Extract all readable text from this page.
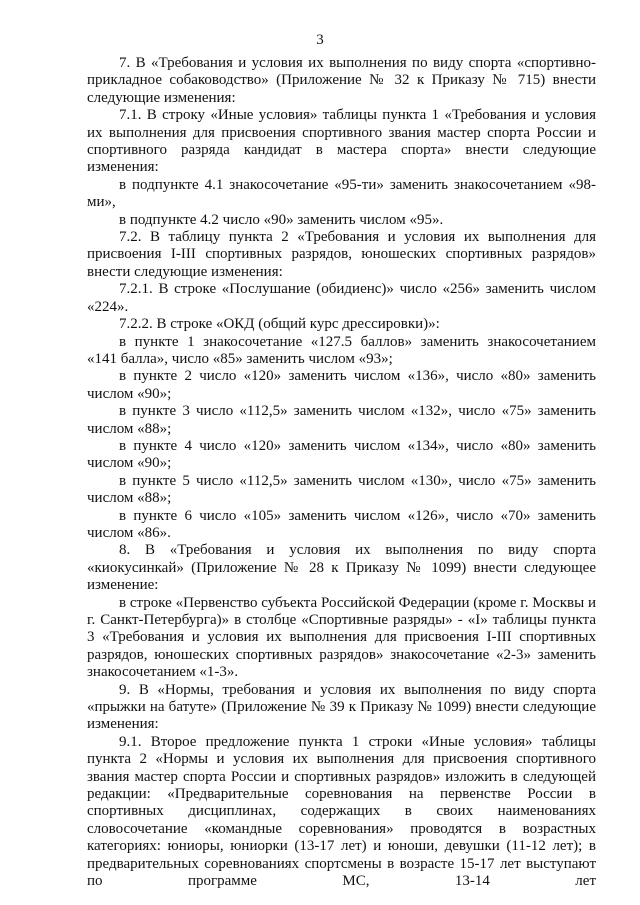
3

7. В «Требования и условия их выполнения по виду спорта «спортивно-прикладное собаководство» (Приложение № 32 к Приказу № 715) внести следующие изменения:

7.1. В строку «Иные условия» таблицы пункта 1 «Требования и условия их выполнения для присвоения спортивного звания мастер спорта России и спортивного разряда кандидат в мастера спорта» внести следующие изменения:

в подпункте 4.1 знакосочетание «95-ти» заменить знакосочетанием «98-ми»,

в подпункте 4.2 число «90» заменить числом «95».

7.2. В таблицу пункта 2 «Требования и условия их выполнения для присвоения I-III спортивных разрядов, юношеских спортивных разрядов» внести следующие изменения:

7.2.1. В строке «Послушание (обидиенс)» число «256» заменить числом «224».

7.2.2. В строке «ОКД (общий курс дрессировки)»:

в пункте 1 знакосочетание «127.5 баллов» заменить знакосочетанием «141 балла», число «85» заменить числом «93»;

в пункте 2 число «120» заменить числом «136», число «80» заменить числом «90»;

в пункте 3 число «112,5» заменить числом «132», число «75» заменить числом «88»;

в пункте 4 число «120» заменить числом «134», число «80» заменить числом «90»;

в пункте 5 число «112,5» заменить числом «130», число «75» заменить числом «88»;

в пункте 6 число «105» заменить числом «126», число «70» заменить числом «86».

8. В «Требования и условия их выполнения по виду спорта «киокусинкай» (Приложение № 28 к Приказу № 1099) внести следующее изменение:

в строке «Первенство субъекта Российской Федерации (кроме г. Москвы и г. Санкт-Петербурга)» в столбце «Спортивные разряды» - «I» таблицы пункта 3 «Требования и условия их выполнения для присвоения I-III спортивных разрядов, юношеских спортивных разрядов» знакосочетание «2-3» заменить знакосочетанием «1-3».

9. В «Нормы, требования и условия их выполнения по виду спорта «прыжки на батуте» (Приложение № 39 к Приказу № 1099) внести следующие изменения:

9.1. Второе предложение пункта 1 строки «Иные условия» таблицы пункта 2 «Нормы и условия их выполнения для присвоения спортивного звания мастер спорта России и спортивных разрядов» изложить в следующей редакции: «Предварительные соревнования на первенстве России в спортивных дисциплинах, содержащих в своих наименованиях словосочетание «командные соревнования» проводятся в возрастных категориях: юниоры, юниорки (13-17 лет) и юноши, девушки (11-12 лет); в предварительных соревнованиях спортсмены в возрасте 15-17 лет выступают по программе МС, 13-14 лет
